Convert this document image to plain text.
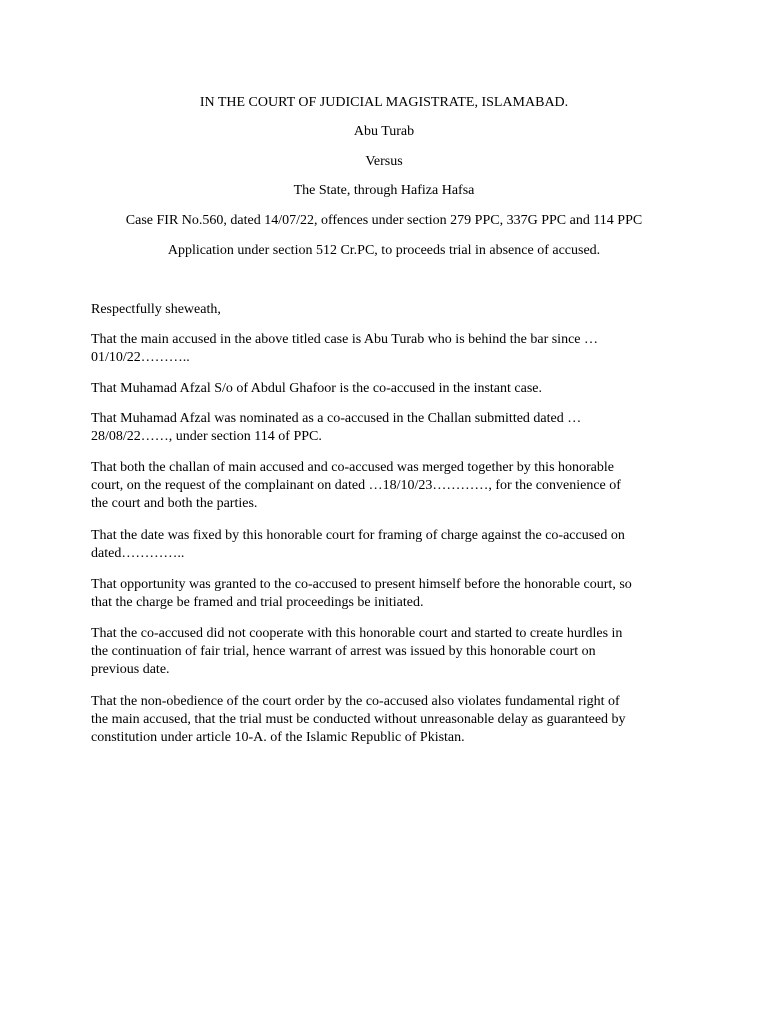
IN THE COURT OF JUDICIAL MAGISTRATE, ISLAMABAD.
Abu Turab
Versus
The State, through Hafiza Hafsa
Case FIR No.560, dated 14/07/22, offences under section 279 PPC, 337G PPC and 114 PPC
Application under section 512 Cr.PC, to proceeds trial in absence of accused.
Respectfully sheweath,
That the main accused in the above titled case is Abu Turab who is behind the bar since …
01/10/22………..
That Muhamad Afzal S/o of Abdul Ghafoor is the co-accused in the instant case.
That Muhamad Afzal was nominated as a co-accused in the Challan submitted dated …
28/08/22……, under section 114 of PPC.
That both the challan of main accused and co-accused was merged together by this honorable
court, on the request of the complainant on dated …18/10/23…………, for the convenience of
the court and both the parties.
That the date was fixed by this honorable court for framing of charge against the co-accused on
dated…………..
That opportunity was granted to the co-accused to present himself before the honorable court, so
that the charge be framed and trial proceedings be initiated.
That the co-accused did not cooperate with this honorable court and started to create hurdles in
the continuation of fair trial, hence warrant of arrest was issued by this honorable court on
previous date.
That the non-obedience of the court order by the co-accused also violates fundamental right of
the main accused, that the trial must be conducted without unreasonable delay as guaranteed by
constitution under article 10-A. of the Islamic Republic of Pkistan.
